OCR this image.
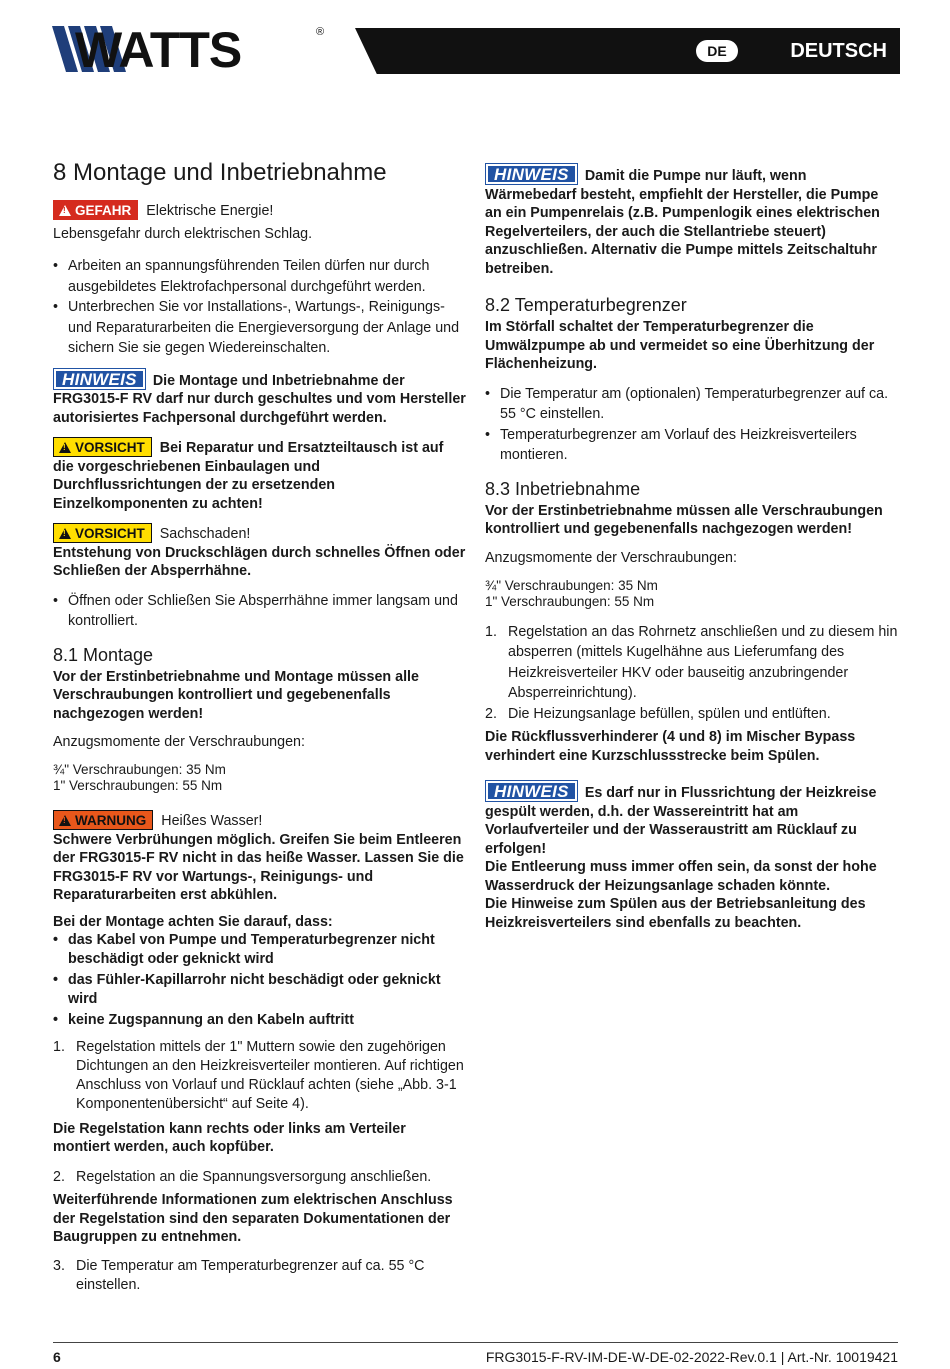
WATTS	®
DE	DEUTSCH
8 Montage und Inbetriebnahme

! GEFAHR Elektrische Energie!

Lebensgefahr durch elektrischen Schlag.

• Arbeiten an spannungsführenden Teilen dürfen nur durch ausgebildetes Elektrofachpersonal durchgeführt werden.
• Unterbrechen Sie vor Installations-, Wartungs-, Reinigungs- und Reparaturarbeiten die Energieversorgung der Anlage und sichern Sie sie gegen Wiedereinschalten.

HINWEIS Die Montage und Inbetriebnahme der FRG3015-F RV darf nur durch geschultes und vom Hersteller autorisiertes Fachpersonal durchgeführt werden.

! VORSICHT Bei Reparatur und Ersatzteiltausch ist auf die vorgeschriebenen Einbaulagen und Durchflussrichtungen der zu ersetzenden Einzelkomponenten zu achten!

! VORSICHT Sachschaden!

Entstehung von Druckschlägen durch schnelles Öffnen oder Schließen der Absperrhähne.

• Öffnen oder Schließen Sie Absperrhähne immer langsam und kontrolliert.
8.1 Montage

Vor der Erstinbetriebnahme und Montage müssen alle Verschraubungen kontrolliert und gegebenenfalls nachgezogen werden!

Anzugsmomente der Verschraubungen:

¾" Verschraubungen: 35 Nm
1" Verschraubungen: 55 Nm

! WARNUNG Heißes Wasser!

Schwere Verbrühungen möglich. Greifen Sie beim Entleeren der FRG3015-F RV nicht in das heiße Wasser. Lassen Sie die FRG3015-F RV vor Wartungs-, Reinigungs- und Reparaturarbeiten erst abkühlen.

Bei der Montage achten Sie darauf, dass:

• das Kabel von Pumpe und Temperaturbegrenzer nicht beschädigt oder geknickt wird
• das Fühler-Kapillarrohr nicht beschädigt oder geknickt wird
• keine Zugspannung an den Kabeln auftritt
1. Regelstation mittels der 1" Muttern sowie den zugehörigen Dichtungen an den Heizkreisverteiler montieren. Auf richtigen Anschluss von Vorlauf und Rücklauf achten (siehe „Abb. 3-1 Komponentenübersicht“ auf Seite 4).

Die Regelstation kann rechts oder links am Verteiler montiert werden, auch kopfüber.

2. Regelstation an die Spannungsversorgung anschließen.

Weiterführende Informationen zum elektrischen Anschluss der Regelstation sind den separaten Dokumentationen der Baugruppen zu entnehmen.

3. Die Temperatur am Temperaturbegrenzer auf ca. 55 °C einstellen.

HINWEIS Damit die Pumpe nur läuft, wenn Wärmebedarf besteht, empfiehlt der Hersteller, die Pumpe an ein Pumpenrelais (z.B. Pumpenlogik eines elektrischen Regelverteilers, der auch die Stellantriebe steuert) anzuschließen. Alternativ die Pumpe mittels Zeitschaltuhr betreiben.

8.2 Temperaturbegrenzer

Im Störfall schaltet der Temperaturbegrenzer die Umwälzpumpe ab und vermeidet so eine Überhitzung der Flächenheizung.

• Die Temperatur am (optionalen) Temperaturbegrenzer auf ca. 55 °C einstellen.
• Temperaturbegrenzer am Vorlauf des Heizkreisverteilers montieren.
8.3 Inbetriebnahme

Vor der Erstinbetriebnahme müssen alle Verschraubungen kontrolliert und gegebenenfalls nachgezogen werden!

Anzugsmomente der Verschraubungen:

¾" Verschraubungen: 35 Nm
1" Verschraubungen: 55 Nm

1. Regelstation an das Rohrnetz anschließen und zu diesem hin absperren (mittels Kugelhähne aus Lieferumfang des Heizkreisverteiler HKV oder bauseitig anzubringender Absperreinrichtung).
2. Die Heizungsanlage befüllen, spülen und entlüften.

Die Rückflussverhinderer (4 und 8) im Mischer Bypass verhindert eine Kurzschlussstrecke beim Spülen.

HINWEIS Es darf nur in Flussrichtung der Heizkreise gespült werden, d.h. der Wassereintritt hat am Vorlaufverteiler und der Wasseraustritt am Rücklauf zu erfolgen!
Die Entleerung muss immer offen sein, da sonst der hohe Wasserdruck der Heizungsanlage schaden könnte.
Die Hinweise zum Spülen aus der Betriebsanleitung des Heizkreisverteilers sind ebenfalls zu beachten.

6	FRG3015-F-RV-IM-DE-W-DE-02-2022-Rev.0.1 | Art.-Nr. 10019421
